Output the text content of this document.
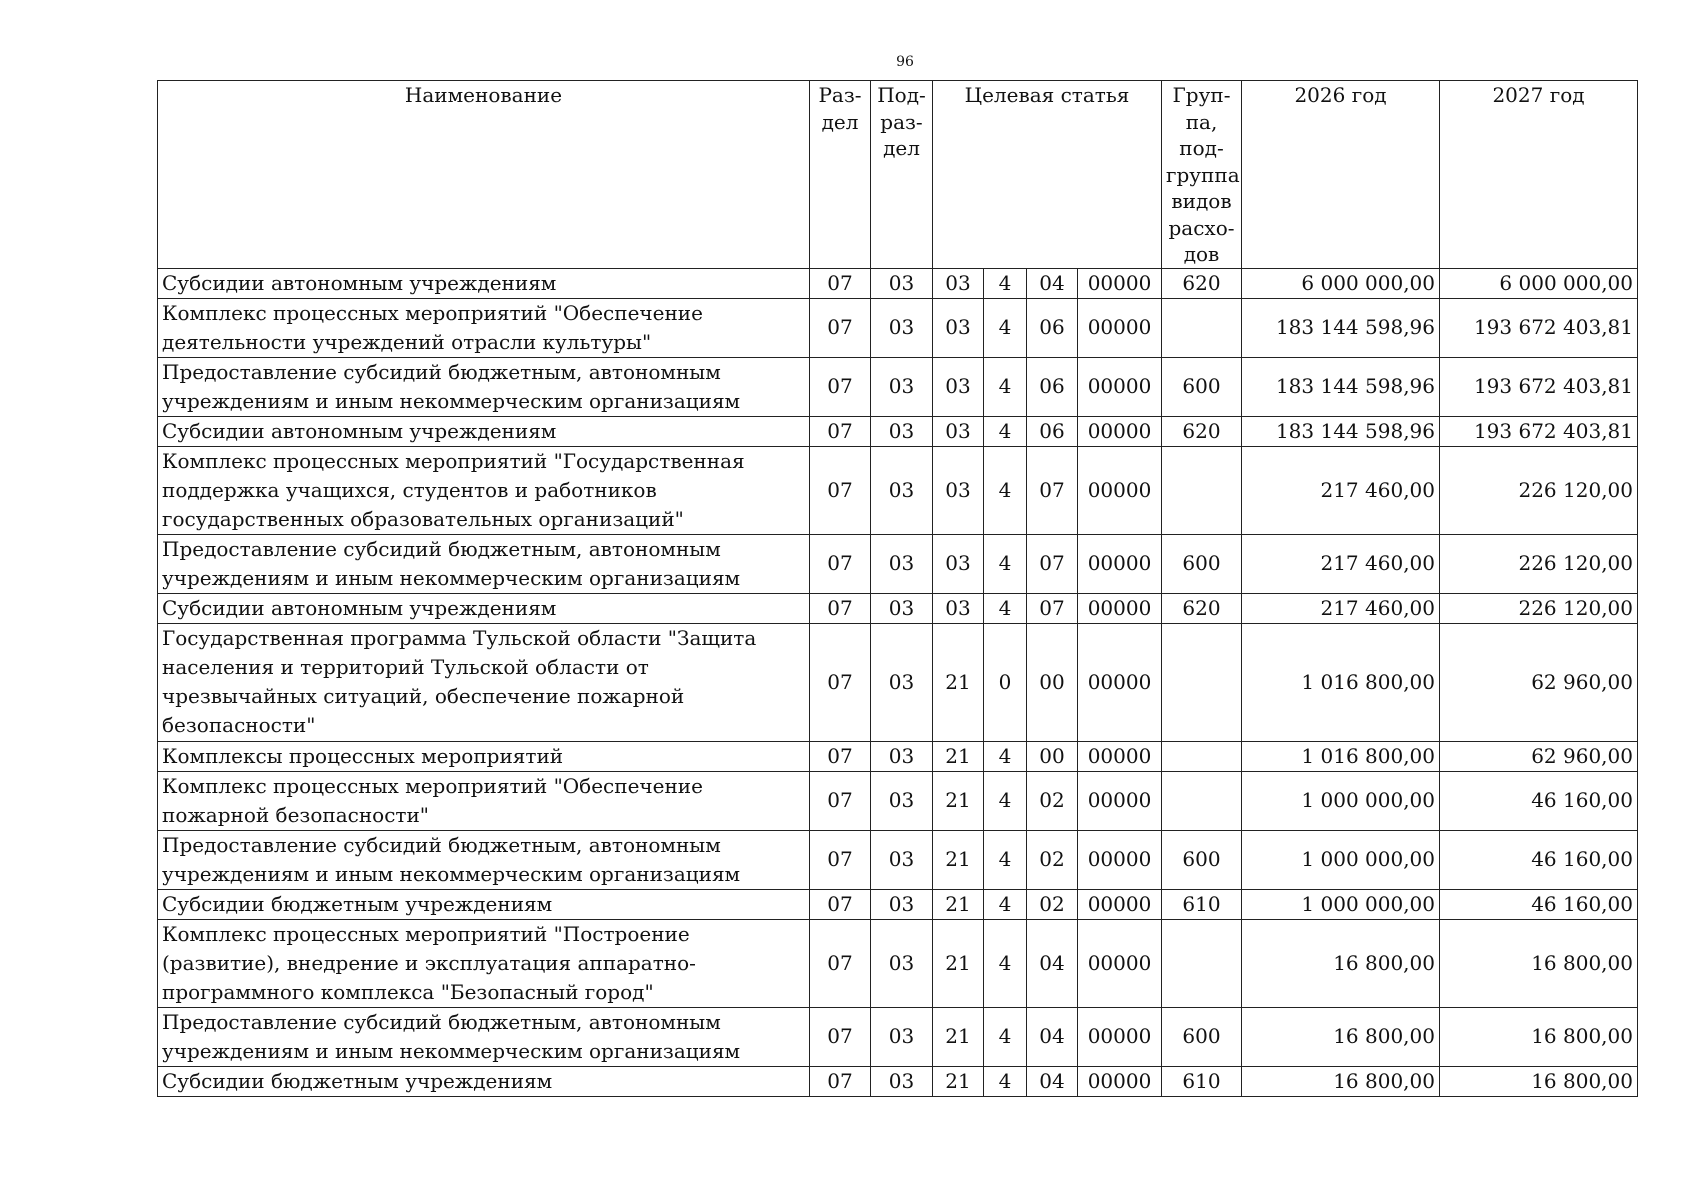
96
Наименование	Раз-дел	Под-раз-дел	Целевая статья				Груп-па, под-группа видов расхо-дов	2026 год	2027 год
Субсидии автономным учреждениям	07	03	03	4	04	00000	620	6 000 000,00	6 000 000,00
Комплекс процессных мероприятий "Обеспечение деятельности учреждений отрасли культуры"	07	03	03	4	06	00000		183 144 598,96	193 672 403,81
Предоставление субсидий бюджетным, автономным учреждениям и иным некоммерческим организациям	07	03	03	4	06	00000	600	183 144 598,96	193 672 403,81
Субсидии автономным учреждениям	07	03	03	4	06	00000	620	183 144 598,96	193 672 403,81
Комплекс процессных мероприятий "Государственная поддержка учащихся, студентов и работников государственных образовательных организаций"	07	03	03	4	07	00000		217 460,00	226 120,00
Предоставление субсидий бюджетным, автономным учреждениям и иным некоммерческим организациям	07	03	03	4	07	00000	600	217 460,00	226 120,00
Субсидии автономным учреждениям	07	03	03	4	07	00000	620	217 460,00	226 120,00
Государственная программа Тульской области "Защита населения и территорий Тульской области от чрезвычайных ситуаций, обеспечение пожарной безопасности"	07	03	21	0	00	00000		1 016 800,00	62 960,00
Комплексы процессных мероприятий	07	03	21	4	00	00000		1 016 800,00	62 960,00
Комплекс процессных мероприятий "Обеспечение пожарной безопасности"	07	03	21	4	02	00000		1 000 000,00	46 160,00
Предоставление субсидий бюджетным, автономным учреждениям и иным некоммерческим организациям	07	03	21	4	02	00000	600	1 000 000,00	46 160,00
Субсидии бюджетным учреждениям	07	03	21	4	02	00000	610	1 000 000,00	46 160,00
Комплекс процессных мероприятий "Построение (развитие), внедрение и эксплуатация аппаратно-программного комплекса "Безопасный город"	07	03	21	4	04	00000		16 800,00	16 800,00
Предоставление субсидий бюджетным, автономным учреждениям и иным некоммерческим организациям	07	03	21	4	04	00000	600	16 800,00	16 800,00
Субсидии бюджетным учреждениям	07	03	21	4	04	00000	610	16 800,00	16 800,00
